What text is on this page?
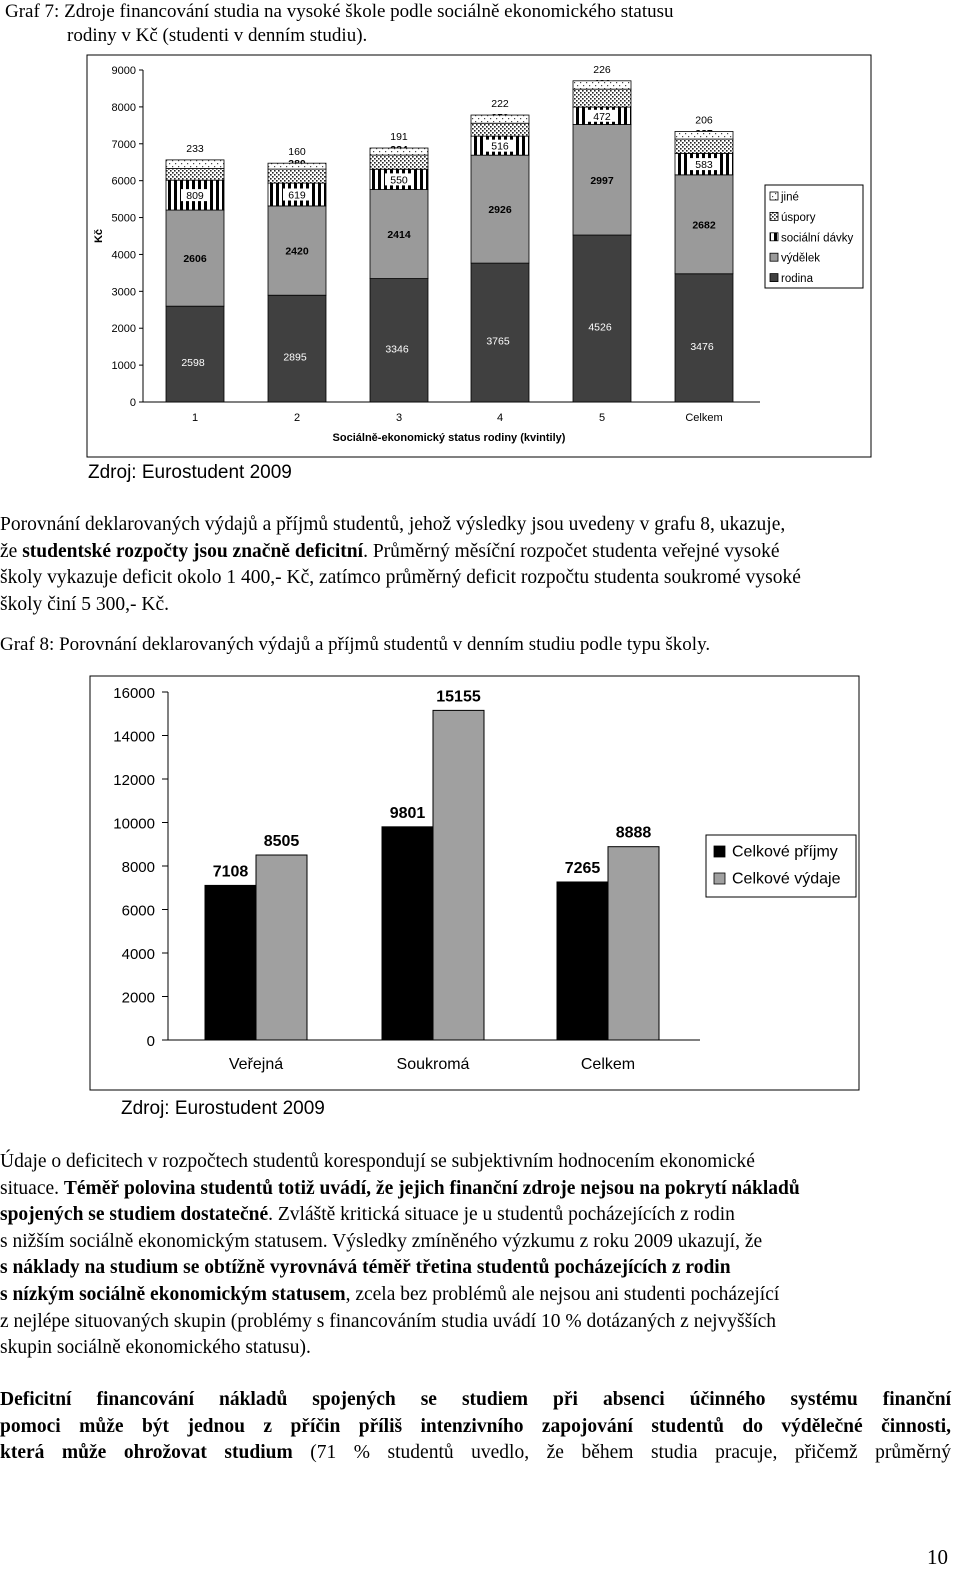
Graf 7: Zdroje financování studia na vysoké škole podle sociálně ekonomického statusu
rodiny v Kč (studenti v denním studiu).
Kč
Sociálně-ekonomický status rodiny (kvintily)
0
1000
2000
3000
4000
5000
6000
7000
8000
9000
1
2598
2606
809
233
2
2895
2420
619
160
3
3346
2414
550
191
4
3765
2926
516
222
5
4526
2997
472
226
Celkem
3476
2682
583
206
jiné
úspory
sociální dávky
výdělek
rodina
Zdroj: Eurostudent 2009

Porovnání deklarovaných výdajů a příjmů studentů, jehož výsledky jsou uvedeny v grafu 8, ukazuje,
že studentské rozpočty jsou značně deficitní. Průměrný měsíční rozpočet studenta veřejné vysoké
školy vykazuje deficit okolo 1 400,- Kč, zatímco průměrný deficit rozpočtu studenta soukromé vysoké
školy činí 5 300,- Kč.

Graf 8: Porovnání deklarovaných výdajů a příjmů studentů v denním studiu podle typu školy.
0
2000
4000
6000
8000
10000
12000
14000
16000
Veřejná
7108
8505
Soukromá
9801
15155
Celkem
7265
8888
Celkové příjmy
Celkové výdaje
Zdroj: Eurostudent 2009

Údaje o deficitech v rozpočtech studentů korespondují se subjektivním hodnocením ekonomické
situace. Téměř polovina studentů totiž uvádí, že jejich finanční zdroje nejsou na pokrytí nákladů
spojených se studiem dostatečné. Zvláště kritická situace je u studentů pocházejících z rodin
s nižším sociálně ekonomickým statusem. Výsledky zmíněného výzkumu z roku 2009 ukazují, že
s náklady na studium se obtížně vyrovnává téměř třetina studentů pocházejících z rodin
s nízkým sociálně ekonomickým statusem, zcela bez problémů ale nejsou ani studenti pocházející
z nejlépe situovaných skupin (problémy s financováním studia uvádí 10 % dotázaných z nejvyšších
skupin sociálně ekonomického statusu).

Deficitní financování nákladů spojených se studiem při absenci účinného systému finanční
pomoci může být jednou z příčin příliš intenzivního zapojování studentů do výdělečné činnosti,
která může ohrožovat studium (71 % studentů uvedlo, že během studia pracuje, přičemž průměrný

10
